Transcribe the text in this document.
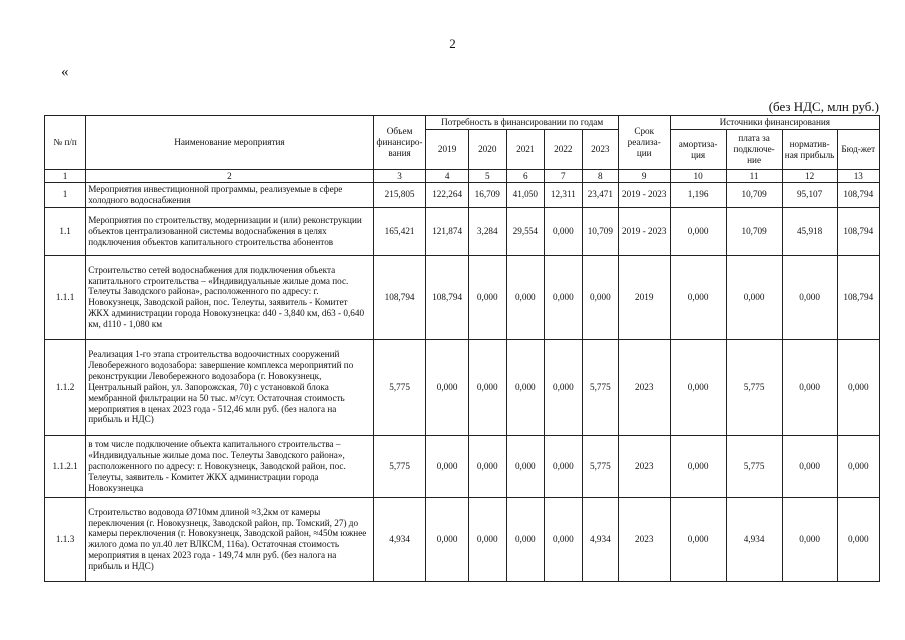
2
«
(без НДС, млн руб.)
№ п/п	Наименование мероприятия	Объем финансиро-вания	Потребность в финансировании по годам					Срок реализа-ции	Источники финансирования			
			2019	2020	2021	2022	2023		амортиза-ция	плата за подключе-ние	норматив-ная прибыль	Бюд-жет
1	2	3	4	5	6	7	8	9	10	11	12	13
1	Мероприятия инвестиционной программы, реализуемые в сфере холодного водоснабжения	215,805	122,264	16,709	41,050	12,311	23,471	2019 - 2023	1,196	10,709	95,107	108,794
1.1	Мероприятия по строительству, модернизации и (или) реконструкции объектов централизованной системы водоснабжения в целях подключения объектов капитального строительства абонентов	165,421	121,874	3,284	29,554	0,000	10,709	2019 - 2023	0,000	10,709	45,918	108,794
1.1.1	Строительство сетей водоснабжения для подключения объекта капитального строительства – «Индивидуальные жилые дома пос. Телеуты Заводского района», расположенного по адресу: г. Новокузнецк, Заводской район, пос. Телеуты, заявитель - Комитет ЖКХ администрации города Новокузнецка: d40 - 3,840 км, d63 - 0,640 км, d110 - 1,080 км	108,794	108,794	0,000	0,000	0,000	0,000	2019	0,000	0,000	0,000	108,794
1.1.2	Реализация 1-го этапа строительства водоочистных сооружений Левобережного водозабора: завершение комплекса мероприятий по реконструкции Левобережного водозабора (г. Новокузнецк, Центральный район, ул. Запорожская, 70) с установкой блока мембранной фильтрации на 50 тыс. м³/сут. Остаточная стоимость мероприятия в ценах 2023 года - 512,46 млн руб. (без налога на прибыль и НДС)	5,775	0,000	0,000	0,000	0,000	5,775	2023	0,000	5,775	0,000	0,000
1.1.2.1	в том числе подключение объекта капитального строительства – «Индивидуальные жилые дома пос. Телеуты Заводского района», расположенного по адресу: г. Новокузнецк, Заводской район, пос. Телеуты, заявитель - Комитет ЖКХ администрации города Новокузнецка	5,775	0,000	0,000	0,000	0,000	5,775	2023	0,000	5,775	0,000	0,000
1.1.3	Строительство водовода Ø710мм длиной ≈3,2км от камеры переключения (г. Новокузнецк, Заводской район, пр. Томский, 27) до камеры переключения (г. Новокузнецк, Заводской район, ≈450м южнее жилого дома по ул.40 лет ВЛКСМ, 116а). Остаточная стоимость мероприятия в ценах 2023 года - 149,74 млн руб. (без налога на прибыль и НДС)	4,934	0,000	0,000	0,000	0,000	4,934	2023	0,000	4,934	0,000	0,000
